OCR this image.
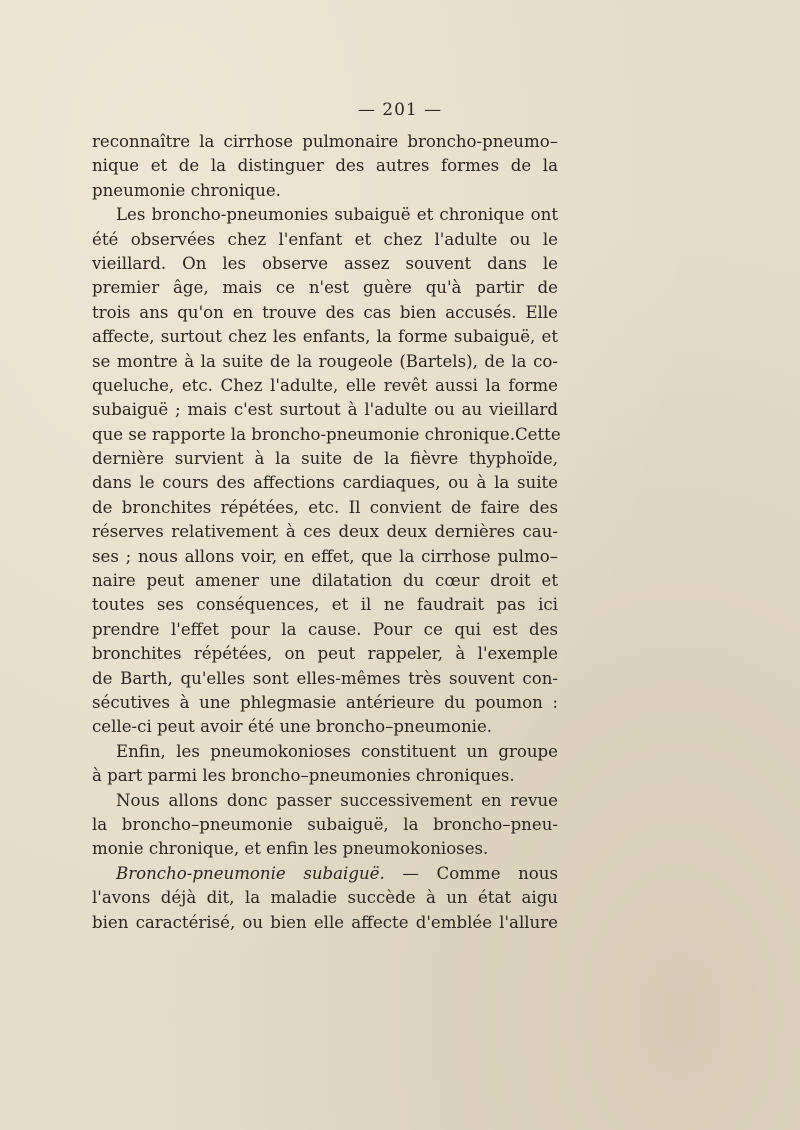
— 201 —
reconnaître la cirrhose pulmonaire broncho-pneumo–
nique et de la distinguer des autres formes de la
pneumonie chronique.
Les broncho-pneumonies subaiguë et chronique ont
été observées chez l'enfant et chez l'adulte ou le
vieillard. On les observe assez souvent dans le
premier âge, mais ce n'est guère qu'à partir de
trois ans qu'on en trouve des cas bien accusés. Elle
affecte, surtout chez les enfants, la forme subaiguë, et
se montre à la suite de la rougeole (Bartels), de la co-
queluche, etc. Chez l'adulte, elle revêt aussi la forme
subaiguë ; mais c'est surtout à l'adulte ou au vieillard
que se rapporte la broncho-pneumonie chronique.Cette
dernière survient à la suite de la fièvre thyphoïde,
dans le cours des affections cardiaques, ou à la suite
de bronchites répétées, etc. Il convient de faire des
réserves relativement à ces deux deux dernières cau-
ses ; nous allons voir, en effet, que la cirrhose pulmo–
naire peut amener une dilatation du cœur droit et
toutes ses conséquences, et il ne faudrait pas ici
prendre l'effet pour la cause. Pour ce qui est des
bronchites répétées, on peut rappeler, à l'exemple
de Barth, qu'elles sont elles-mêmes très souvent con-
sécutives à une phlegmasie antérieure du poumon :
celle-ci peut avoir été une broncho–pneumonie.
Enfin, les pneumokonioses constituent un groupe
à part parmi les broncho–pneumonies chroniques.
Nous allons donc passer successivement en revue
la broncho–pneumonie subaiguë, la broncho–pneu-
monie chronique, et enfin les pneumokonioses.
Broncho-pneumonie subaiguë. — Comme nous
l'avons déjà dit, la maladie succède à un état aigu
bien caractérisé, ou bien elle affecte d'emblée l'allure
